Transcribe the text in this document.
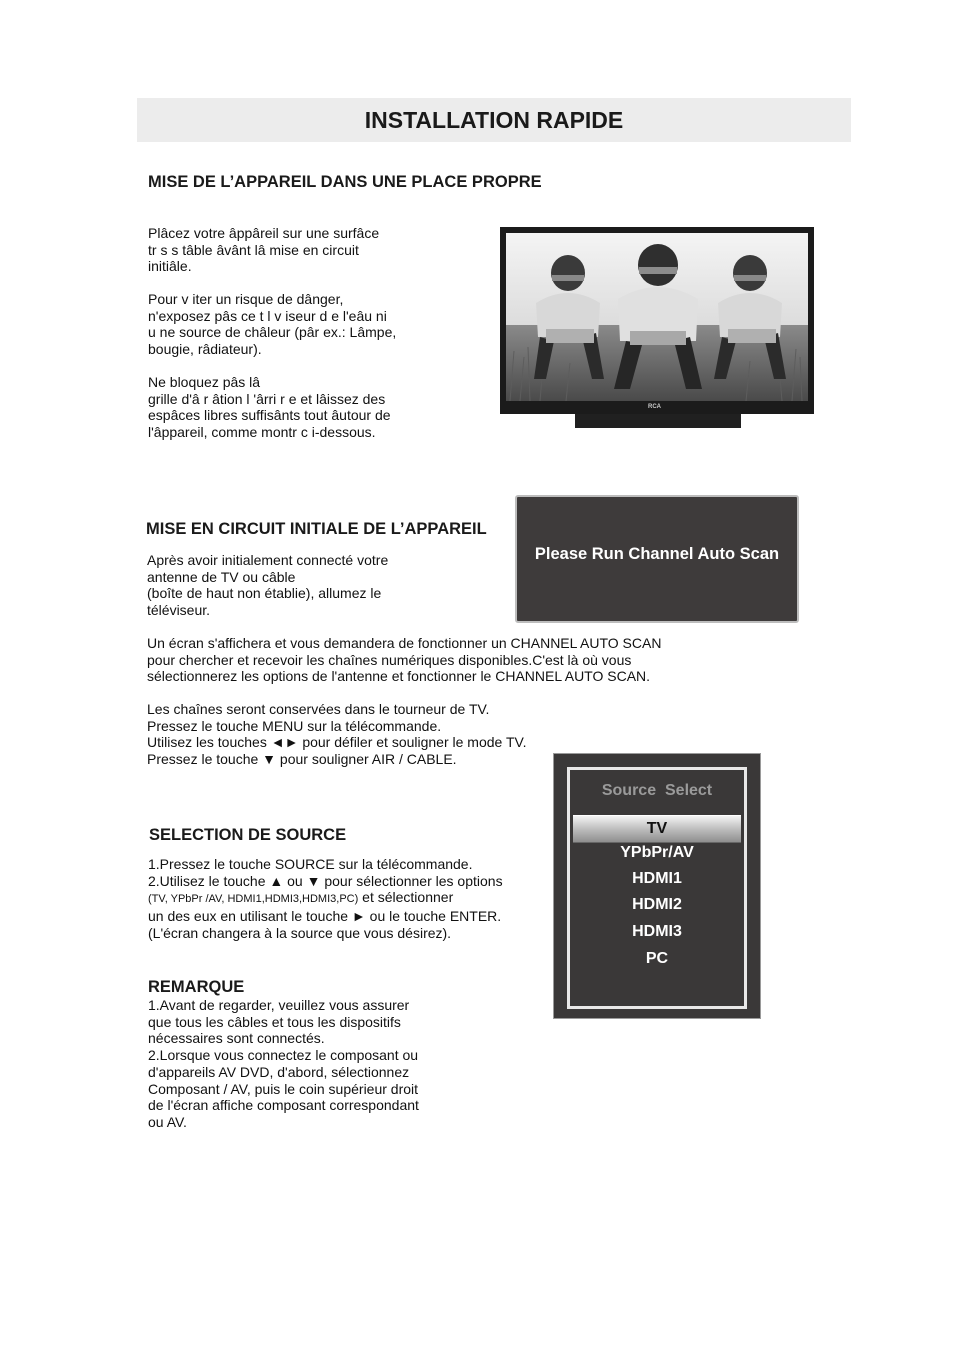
INSTALLATION RAPIDE
MISE DE L’APPAREIL DANS UNE PLACE PROPRE
Plâcez votre âppâreil sur une surfâce
tr s s tâble âvânt lâ mise en circuit
initiâle.
Pour v iter un risque de dânger,
n'exposez pâs ce t l v iseur d e l'eâu ni
u ne source de châleur (pâr ex.: Lâmpe,
bougie, râdiateur).
Ne bloquez pâs lâ
grille d'â r âtion l 'ârri r e et lâissez des
espâces libres suffisânts tout âutour de
l'âppareil, comme montr c i-dessous.
RCA
MISE EN CIRCUIT INITIALE DE L’APPAREIL
Après avoir initialement connecté votre
antenne de TV ou câble
(boîte de haut non établie), allumez le
téléviseur.
Please Run Channel Auto Scan
Un écran s'affichera et vous demandera de fonctionner un CHANNEL AUTO SCAN
pour chercher et recevoir les chaînes numériques disponibles.C'est là où vous
sélectionnerez les options de l'antenne et fonctionner le CHANNEL AUTO SCAN.
Les chaînes seront conservées dans le tourneur de TV.
Pressez le touche MENU sur la télécommande.
Utilisez les touches ◄► pour défiler et souligner le mode TV.
Pressez le touche ▼ pour souligner AIR / CABLE.
Source  Select
TV
YPbPr/AV
HDMI1
HDMI2
HDMI3
PC
SELECTION DE SOURCE
1.Pressez le touche SOURCE sur la télécommande.
2.Utilisez le touche ▲ ou ▼ pour sélectionner les options
(TV, YPbPr /AV, HDMI1,HDMI3,HDMI3,PC) et sélectionner
un des eux en utilisant le touche ► ou le touche ENTER.
(L'écran changera à la source que vous désirez).
REMARQUE
1.Avant de regarder, veuillez vous assurer
que tous les câbles et tous les dispositifs
nécessaires sont connectés.
2.Lorsque vous connectez le composant ou
d'appareils AV DVD, d'abord, sélectionnez
Composant / AV, puis le coin supérieur droit
de l'écran affiche composant correspondant
ou AV.
